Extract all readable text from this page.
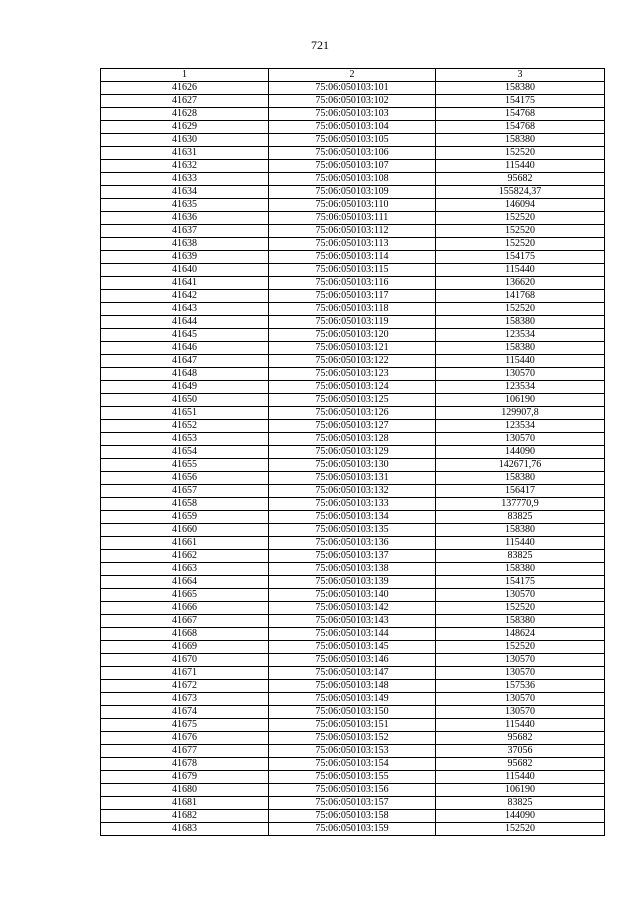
721
1	2	3
41626	75:06:050103:101	158380
41627	75:06:050103:102	154175
41628	75:06:050103:103	154768
41629	75:06:050103:104	154768
41630	75:06:050103:105	158380
41631	75:06:050103:106	152520
41632	75:06:050103:107	115440
41633	75:06:050103:108	95682
41634	75:06:050103:109	155824,37
41635	75:06:050103:110	146094
41636	75:06:050103:111	152520
41637	75:06:050103:112	152520
41638	75:06:050103:113	152520
41639	75:06:050103:114	154175
41640	75:06:050103:115	115440
41641	75:06:050103:116	136620
41642	75:06:050103:117	141768
41643	75:06:050103:118	152520
41644	75:06:050103:119	158380
41645	75:06:050103:120	123534
41646	75:06:050103:121	158380
41647	75:06:050103:122	115440
41648	75:06:050103:123	130570
41649	75:06:050103:124	123534
41650	75:06:050103:125	106190
41651	75:06:050103:126	129907,8
41652	75:06:050103:127	123534
41653	75:06:050103:128	130570
41654	75:06:050103:129	144090
41655	75:06:050103:130	142671,76
41656	75:06:050103:131	158380
41657	75:06:050103:132	156417
41658	75:06:050103:133	137770,9
41659	75:06:050103:134	83825
41660	75:06:050103:135	158380
41661	75:06:050103:136	115440
41662	75:06:050103:137	83825
41663	75:06:050103:138	158380
41664	75:06:050103:139	154175
41665	75:06:050103:140	130570
41666	75:06:050103:142	152520
41667	75:06:050103:143	158380
41668	75:06:050103:144	148624
41669	75:06:050103:145	152520
41670	75:06:050103:146	130570
41671	75:06:050103:147	130570
41672	75:06:050103:148	157536
41673	75:06:050103:149	130570
41674	75:06:050103:150	130570
41675	75:06:050103:151	115440
41676	75:06:050103:152	95682
41677	75:06:050103:153	37056
41678	75:06:050103:154	95682
41679	75:06:050103:155	115440
41680	75:06:050103:156	106190
41681	75:06:050103:157	83825
41682	75:06:050103:158	144090
41683	75:06:050103:159	152520
